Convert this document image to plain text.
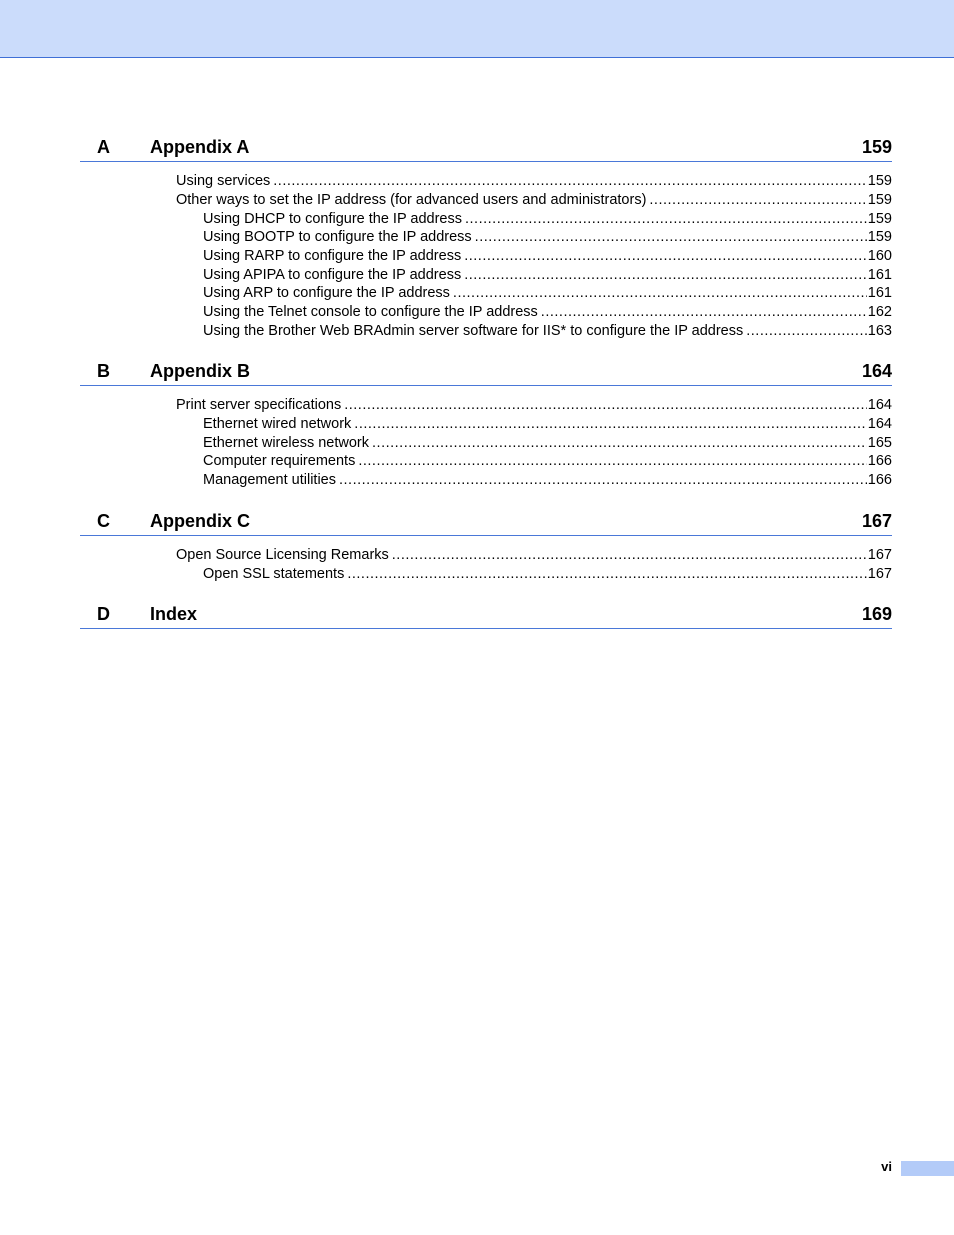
A Appendix A	159
Using services .....	159
Other ways to set the IP address (for advanced users and administrators) .....	159
Using DHCP to configure the IP address .....	159
Using BOOTP to configure the IP address .....	159
Using RARP to configure the IP address .....	160
Using APIPA to configure the IP address .....	161
Using ARP to configure the IP address .....	161
Using the Telnet console to configure the IP address .....	162
Using the Brother Web BRAdmin server software for IIS* to configure the IP address .....	163
B Appendix B	164
Print server specifications .....	164
Ethernet wired network .....	164
Ethernet wireless network .....	165
Computer requirements .....	166
Management utilities .....	166
C Appendix C	167
Open Source Licensing Remarks .....	167
Open SSL statements .....	167
D Index	169
vi
